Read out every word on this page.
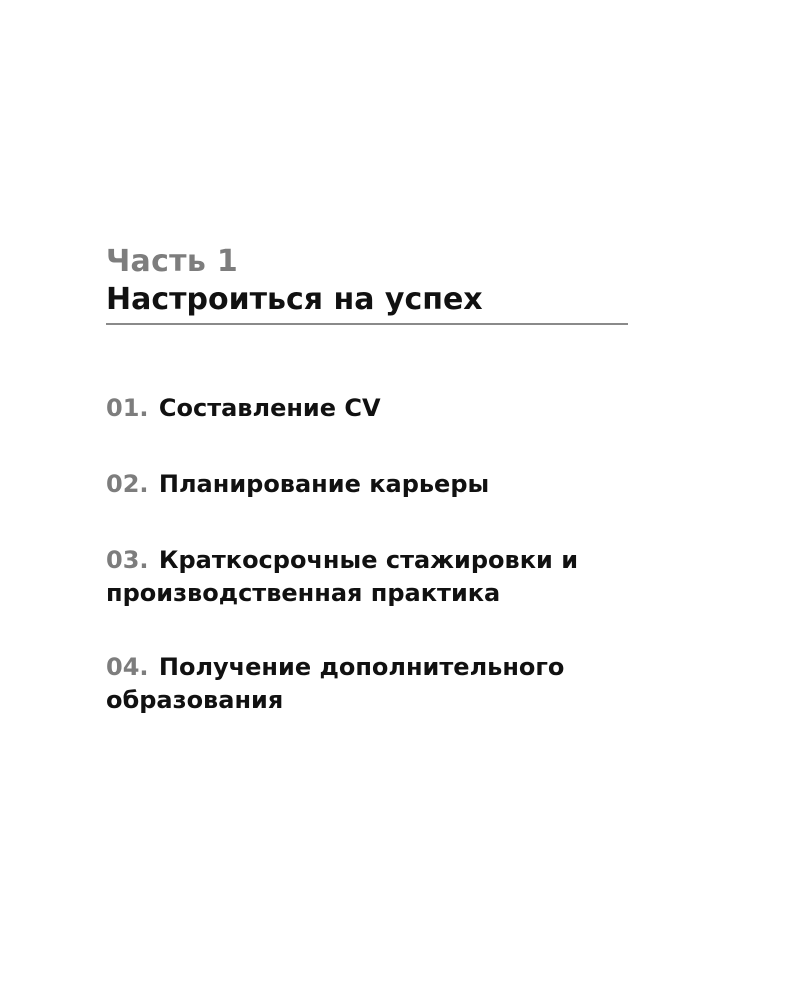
Часть 1
Настроиться на успех
01. Составление CV
02. Планирование карьеры
03. Краткосрочные стажировки и производственная практика
04. Получение дополнительного образования
